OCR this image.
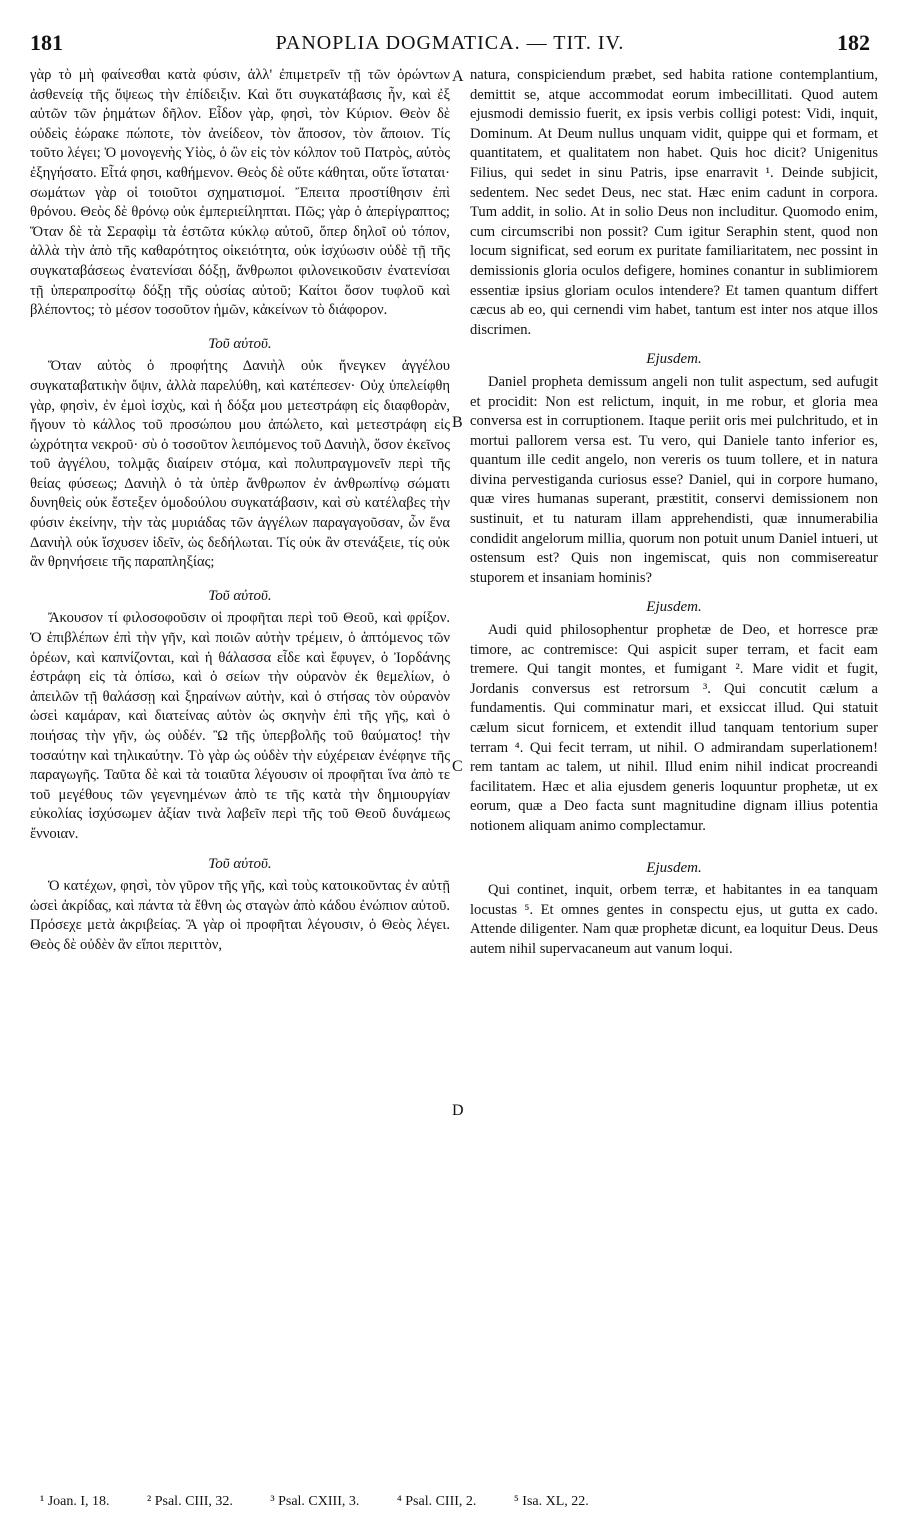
181	PANOPLIA DOGMATICA. — TIT. IV.	182
A
B
C
D

γὰρ τὸ μὴ φαίνεσθαι κατὰ φύσιν, ἀλλ' ἐπιμετρεῖν τῇ τῶν ὁρώντων ἀσθενείᾳ τῆς ὄψεως τὴν ἐπίδειξιν. Καὶ ὅτι συγκατάβασις ἦν, καὶ ἐξ αὐτῶν τῶν ῥημάτων δῆλον. Εἶδον γὰρ, φησὶ, τὸν Κύριον. Θεὸν δὲ οὐδεὶς ἑώρακε πώποτε, τὸν ἀνείδεον, τὸν ἄποσον, τὸν ἄποιον. Τίς τοῦτο λέγει; Ὁ μονογενὴς Υἱὸς, ὁ ὢν εἰς τὸν κόλπον τοῦ Πατρὸς, αὐτὸς ἐξηγήσατο. Εἶτά φησι, καθήμενον. Θεὸς δὲ οὔτε κάθηται, οὔτε ἵσταται· σωμάτων γὰρ οἱ τοιοῦτοι σχηματισμοί. Ἔπειτα προστίθησιν ἐπὶ θρόνου. Θεὸς δὲ θρόνῳ οὐκ ἐμπεριείληπται. Πῶς; γὰρ ὁ ἀπερίγραπτος; Ὅταν δὲ τὰ Σεραφὶμ τὰ ἑστῶτα κύκλῳ αὐτοῦ, ὅπερ δηλοῖ οὐ τόπον, ἀλλὰ τὴν ἀπὸ τῆς καθαρότητος οἰκειότητα, οὐκ ἰσχύωσιν οὐδὲ τῇ τῆς συγκαταβάσεως ἐνατενίσαι δόξῃ, ἄνθρωποι φιλονεικοῦσιν ἐνατενίσαι τῇ ὑπεραπροσίτῳ δόξῃ τῆς οὐσίας αὐτοῦ; Καίτοι ὅσον τυφλοῦ καὶ βλέποντος; τὸ μέσον τοσοῦτον ἡμῶν, κἀκείνων τὸ διάφορον.

Τοῦ αὐτοῦ.

Ὅταν αὐτὸς ὁ προφήτης Δανιὴλ οὐκ ἤνεγκεν ἀγγέλου συγκαταβατικὴν ὄψιν, ἀλλὰ παρελύθη, καὶ κατέπεσεν· Οὐχ ὑπελείφθη γὰρ, φησὶν, ἐν ἐμοὶ ἰσχὺς, καὶ ἡ δόξα μου μετεστράφη εἰς διαφθορὰν, ἤγουν τὸ κάλλος τοῦ προσώπου μου ἀπώλετο, καὶ μετεστράφη εἰς ὠχρότητα νεκροῦ· σὺ ὁ τοσοῦτον λειπόμενος τοῦ Δανιὴλ, ὅσον ἐκεῖνος τοῦ ἀγγέλου, τολμᾷς διαίρειν στόμα, καὶ πολυπραγμονεῖν περὶ τῆς θείας φύσεως; Δανιὴλ ὁ τὰ ὑπὲρ ἄνθρωπον ἐν ἀνθρωπίνῳ σώματι δυνηθεὶς οὐκ ἔστεξεν ὁμοδούλου συγκατάβασιν, καὶ σὺ κατέλαβες τὴν φύσιν ἐκείνην, τὴν τὰς μυριάδας τῶν ἀγγέλων παραγαγοῦσαν, ὧν ἕνα Δανιὴλ οὐκ ἴσχυσεν ἰδεῖν, ὡς δεδήλωται. Τίς οὐκ ἂν στενάξειε, τίς οὐκ ἂν θρηνήσειε τῆς παραπληξίας;

Τοῦ αὐτοῦ.

Ἄκουσον τί φιλοσοφοῦσιν οἱ προφῆται περὶ τοῦ Θεοῦ, καὶ φρίξον. Ὁ ἐπιβλέπων ἐπὶ τὴν γῆν, καὶ ποιῶν αὐτὴν τρέμειν, ὁ ἁπτόμενος τῶν ὀρέων, καὶ καπνίζονται, καὶ ἡ θάλασσα εἶδε καὶ ἔφυγεν, ὁ Ἰορδάνης ἐστράφη εἰς τὰ ὀπίσω, καὶ ὁ σείων τὴν οὐρανὸν ἐκ θεμελίων, ὁ ἀπειλῶν τῇ θαλάσσῃ καὶ ξηραίνων αὐτὴν, καὶ ὁ στήσας τὸν οὐρανὸν ὡσεὶ καμάραν, καὶ διατείνας αὐτὸν ὡς σκηνὴν ἐπὶ τῆς γῆς, καὶ ὁ ποιήσας τὴν γῆν, ὡς οὐδέν. Ὢ τῆς ὑπερβολῆς τοῦ θαύματος! τὴν τοσαύτην καὶ τηλικαύτην. Τὸ γὰρ ὡς οὐδὲν τὴν εὐχέρειαν ἐνέφηνε τῆς παραγωγῆς. Ταῦτα δὲ καὶ τὰ τοιαῦτα λέγουσιν οἱ προφῆται ἵνα ἀπὸ τε τοῦ μεγέθους τῶν γεγενημένων ἀπὸ τε τῆς κατὰ τὴν δημιουργίαν εὐκολίας ἰσχύσωμεν ἀξίαν τινὰ λαβεῖν περὶ τῆς τοῦ Θεοῦ δυνάμεως ἔννοιαν.

Τοῦ αὐτοῦ.

Ὁ κατέχων, φησὶ, τὸν γῦρον τῆς γῆς, καὶ τοὺς κατοικοῦντας ἐν αὐτῇ ὡσεὶ ἀκρίδας, καὶ πάντα τὰ ἔθνη ὡς σταγὼν ἀπὸ κάδου ἐνώπιον αὐτοῦ. Πρόσεχε μετὰ ἀκριβείας. Ἃ γὰρ οἱ προφῆται λέγουσιν, ὁ Θεὸς λέγει. Θεὸς δὲ οὐδὲν ἂν εἴποι περιττὸν,

natura, conspiciendum præbet, sed habita ratione contemplantium, demittit se, atque accommodat eorum imbecillitati. Quod autem ejusmodi demissio fuerit, ex ipsis verbis colligi potest: Vidi, inquit, Dominum. At Deum nullus unquam vidit, quippe qui et formam, et quantitatem, et qualitatem non habet. Quis hoc dicit? Unigenitus Filius, qui sedet in sinu Patris, ipse enarravit ¹. Deinde subjicit, sedentem. Nec sedet Deus, nec stat. Hæc enim cadunt in corpora. Tum addit, in solio. At in solio Deus non includitur. Quomodo enim, cum circumscribi non possit? Cum igitur Seraphin stent, quod non locum significat, sed eorum ex puritate familiaritatem, nec possint in demissionis gloria oculos defigere, homines conantur in sublimiorem essentiæ ipsius gloriam oculos intendere? Et tamen quantum differt cæcus ab eo, qui cernendi vim habet, tantum est inter nos atque illos discrimen.

Ejusdem.

Daniel propheta demissum angeli non tulit aspectum, sed aufugit et procidit: Non est relictum, inquit, in me robur, et gloria mea conversa est in corruptionem. Itaque periit oris mei pulchritudo, et in mortui pallorem versa est. Tu vero, qui Daniele tanto inferior es, quantum ille cedit angelo, non vereris os tuum tollere, et in natura divina pervestiganda curiosus esse? Daniel, qui in corpore humano, quæ vires humanas superant, præstitit, conservi demissionem non sustinuit, et tu naturam illam apprehendisti, quæ innumerabilia condidit angelorum millia, quorum non potuit unum Daniel intueri, ut ostensum est? Quis non ingemiscat, quis non commisereatur stuporem et insaniam hominis?

Ejusdem.

Audi quid philosophentur prophetæ de Deo, et horresce præ timore, ac contremisce: Qui aspicit super terram, et facit eam tremere. Qui tangit montes, et fumigant ². Mare vidit et fugit, Jordanis conversus est retrorsum ³. Qui concutit cælum a fundamentis. Qui comminatur mari, et exsiccat illud. Qui statuit cælum sicut fornicem, et extendit illud tanquam tentorium super terram ⁴. Qui fecit terram, ut nihil. O admirandam superlationem! rem tantam ac talem, ut nihil. Illud enim nihil indicat procreandi facilitatem. Hæc et alia ejusdem generis loquuntur prophetæ, ut ex eorum, quæ a Deo facta sunt magnitudine dignam illius potentia notionem aliquam animo complectamur.

Ejusdem.

Qui continet, inquit, orbem terræ, et habitantes in ea tanquam locustas ⁵. Et omnes gentes in conspectu ejus, ut gutta ex cado. Attende diligenter. Nam quæ prophetæ dicunt, ea loquitur Deus. Deus autem nihil supervacaneum aut vanum loqui.

¹ Joan. I, 18.	² Psal. CIII, 32.	³ Psal. CXIII, 3.	⁴ Psal. CIII, 2.	⁵ Isa. XL, 22.
